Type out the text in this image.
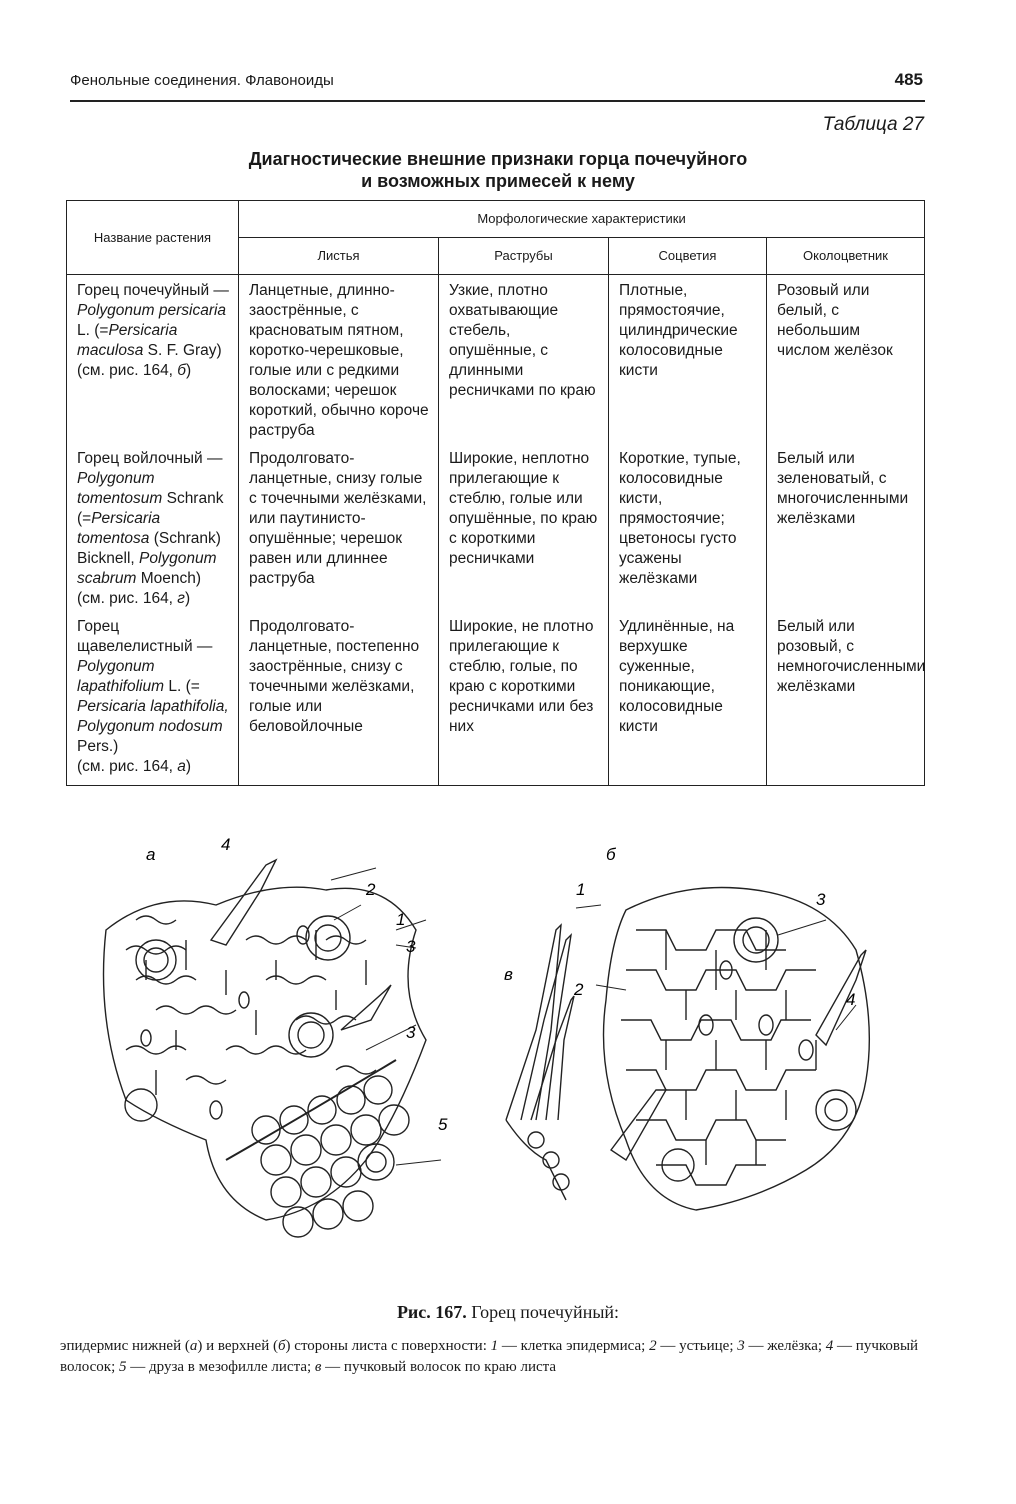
Фенольные соединения. Флавоноиды	485
Таблица 27
Диагностические внешние признаки горца почечуйного
и возможных примесей к нему
Название растения	Морфологические характеристики			
	Листья	Раструбы	Соцветия	Околоцветник
Горец почечуйный — Polygonum persicaria L. (=Persicaria maculosa S. F. Gray)
(см. рис. 164, б)	Ланцетные, длинно-заострённые, с красноватым пятном, коротко-черешковые, голые или с редкими волосками; черешок короткий, обычно короче раструба	Узкие, плотно охватывающие стебель, опушённые, с длинными ресничками по краю	Плотные, прямостоячие, цилиндрические колосовидные кисти	Розовый или белый, с небольшим числом желёзок
Горец войлочный — Polygonum tomentosum Schrank (=Persicaria tomentosa (Schrank) Bicknell, Polygonum scabrum Moench)
(см. рис. 164, г)	Продолговато-ланцетные, снизу голые с точечными желёзками, или паутинисто-опушённые; черешок равен или длиннее раструба	Широкие, неплотно прилегающие к стеблю, голые или опушённые, по краю с короткими ресничками	Короткие, тупые, колосовидные кисти, прямостоячие; цветоносы густо усажены желёзками	Белый или зеленоватый, с многочисленными желёзками
Горец щавелелистный — Polygonum lapathifolium L. (= Persicaria lapathifolia, Polygonum nodosum Pers.)
(см. рис. 164, а)	Продолговато-ланцетные, постепенно заострённые, снизу с точечными желёзками, голые или беловойлочные	Широкие, не плотно прилегающие к стеблю, голые, по краю с короткими ресничками или без них	Удлинённые, на верхушке суженные, поникающие, колосовидные кисти	Белый или розовый, с немногочисленными желёзками
а	б
в
4
2
1
3
3
5
1
3
2
4
Рис. 167. Горец почечуйный:
эпидермис нижней (а) и верхней (б) стороны листа с поверхности: 1 — клетка эпидермиса; 2 — устьице; 3 — желёзка; 4 — пучковый волосок; 5 — друза в мезофилле листа; в — пучковый волосок по краю листа
